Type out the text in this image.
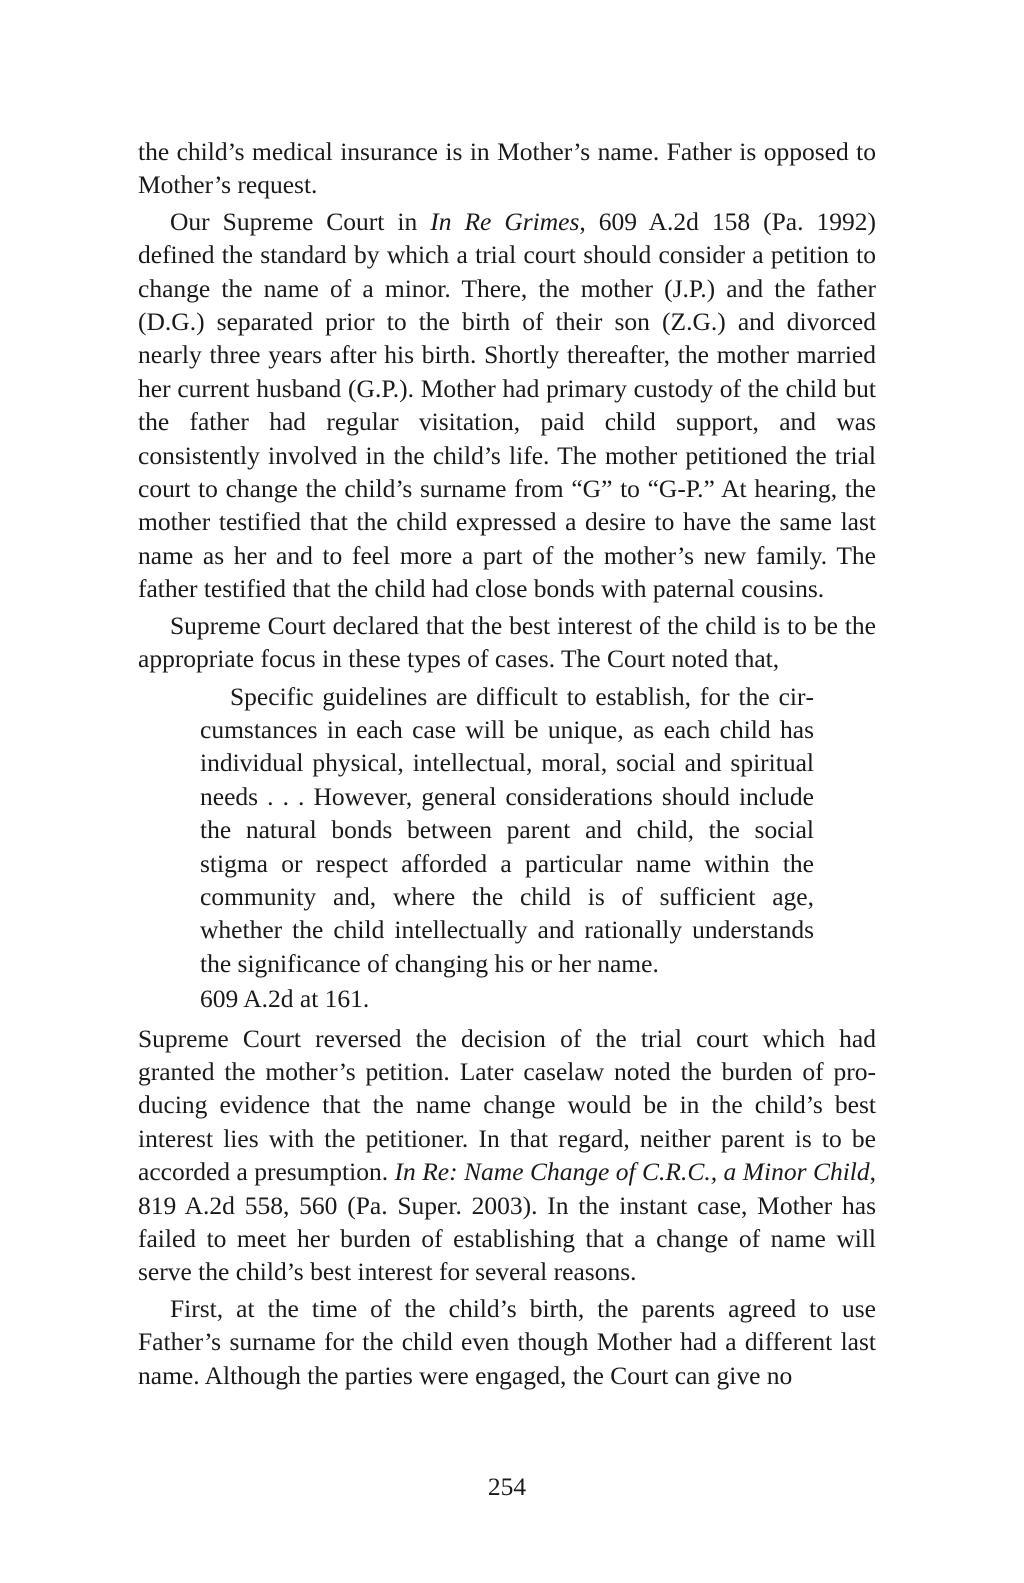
the child’s medical insurance is in Mother’s name. Father is opposed to Mother’s request.

Our Supreme Court in In Re Grimes, 609 A.2d 158 (Pa. 1992) defined the standard by which a trial court should consider a petition to change the name of a minor. There, the mother (J.P.) and the father (D.G.) separated prior to the birth of their son (Z.G.) and divorced nearly three years after his birth. Shortly thereafter, the mother married her current husband (G.P.). Mother had primary custody of the child but the father had regular visitation, paid child support, and was consistently involved in the child’s life. The mother petitioned the trial court to change the child’s surname from “G” to “G-P.” At hearing, the mother testified that the child expressed a desire to have the same last name as her and to feel more a part of the mother’s new family. The father testified that the child had close bonds with paternal cousins.

Supreme Court declared that the best interest of the child is to be the appropriate focus in these types of cases. The Court noted that,

Specific guidelines are difficult to establish, for the circumstances in each case will be unique, as each child has individual physical, intellectual, moral, social and spiritual needs . . . However, general considerations should include the natural bonds between parent and child, the social stigma or respect afforded a particular name within the community and, where the child is of sufficient age, whether the child intellectually and rationally understands the significance of changing his or her name.

609 A.2d at 161.

Supreme Court reversed the decision of the trial court which had granted the mother’s petition. Later caselaw noted the burden of producing evidence that the name change would be in the child’s best interest lies with the petitioner. In that regard, neither parent is to be accorded a presumption. In Re: Name Change of C.R.C., a Minor Child, 819 A.2d 558, 560 (Pa. Super. 2003). In the instant case, Mother has failed to meet her burden of establishing that a change of name will serve the child’s best interest for several reasons.

First, at the time of the child’s birth, the parents agreed to use Father’s surname for the child even though Mother had a different last name. Although the parties were engaged, the Court can give no

254
